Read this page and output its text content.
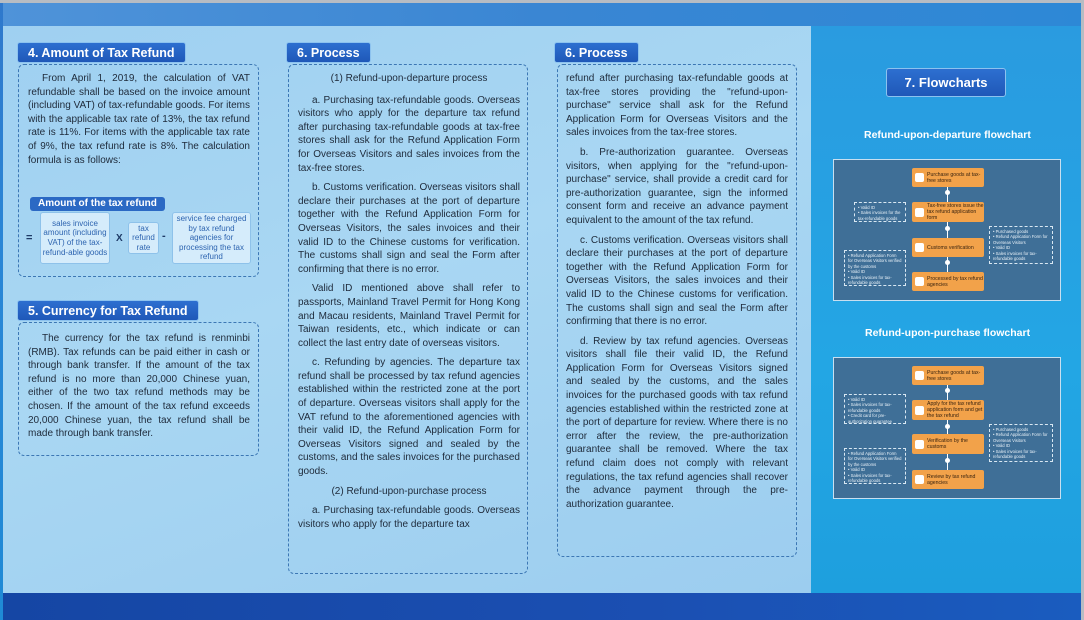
4. Amount of Tax Refund

From April 1, 2019, the calculation of VAT refundable shall be based on the invoice amount (including VAT) of tax-refundable goods. For items with the applicable tax rate of 13%, the tax refund rate is 11%. For items with the applicable tax rate of 9%, the tax refund rate is 8%. The calculation formula is as follows:

Amount of the tax refund
=
sales invoice amount (including VAT) of the tax-refund-able goods
X
tax refund rate
-
service fee charged by tax refund agencies for processing the tax refund
5. Currency for Tax Refund

The currency for the tax refund is renminbi (RMB). Tax refunds can be paid either in cash or through bank transfer. If the amount of the tax refund is no more than 20,000 Chinese yuan, either of the two tax refund methods may be chosen. If the amount of the tax refund exceeds 20,000 Chinese yuan, the tax refund shall be made through bank transfer.

6. Process

(1) Refund-upon-departure process

a. Purchasing tax-refundable goods. Overseas visitors who apply for the departure tax refund after purchasing tax-refundable goods at tax-free stores shall ask for the Refund Application Form for Overseas Visitors and sales invoices from the tax-free stores.

b. Customs verification. Overseas visitors shall declare their purchases at the port of departure together with the Refund Application Form for Overseas Visitors, the sales invoices and their valid ID to the Chinese customs for verification. The customs shall sign and seal the Form after confirming that there is no error.

Valid ID mentioned above shall refer to passports, Mainland Travel Permit for Hong Kong and Macau residents, Mainland Travel Permit for Taiwan residents, etc., which indicate or can collect the last entry date of overseas visitors.

c. Refunding by agencies. The departure tax refund shall be processed by tax refund agencies established within the restricted zone at the port of departure. Overseas visitors shall apply for the VAT refund to the aforementioned agencies with their valid ID, the Refund Application Form for Overseas Visitors signed and sealed by the customs, and the sales invoices for the purchased goods.

(2) Refund-upon-purchase process

a. Purchasing tax-refundable goods. Overseas visitors who apply for the departure tax

6. Process

refund after purchasing tax-refundable goods at tax-free stores providing the "refund-upon-purchase" service shall ask for the Refund Application Form for Overseas Visitors and the sales invoices from the tax-free stores.

b. Pre-authorization guarantee. Overseas visitors, when applying for the "refund-upon-purchase" service, shall provide a credit card for pre-authorization guarantee, sign the informed consent form and receive an advance payment equivalent to the amount of the tax refund.

c. Customs verification. Overseas visitors shall declare their purchases at the port of departure together with the Refund Application Form for Overseas Visitors, the sales invoices and their valid ID to the Chinese customs for verification. The customs shall sign and seal the Form after confirming that there is no error.

d. Review by tax refund agencies. Overseas visitors shall file their valid ID, the Refund Application Form for Overseas Visitors signed and sealed by the customs, and the sales invoices for the purchased goods with tax refund agencies established within the restricted zone at the port of departure for review. Where there is no error after the review, the pre-authorization guarantee shall be removed. Where the tax refund claim does not comply with relevant regulations, the tax refund agencies shall recover the advance payment through the pre-authorization guarantee.

7. Flowcharts
Refund-upon-departure flowchart
Purchase goods at tax-free stores
Tax-free stores issue the tax refund application form
Customs verification
Processed by tax refund agencies
• Valid ID
• Sales invoices for the tax-refundable goods
• Purchased goods
• Refund Application Form for Overseas Visitors
• Valid ID
• Sales invoices for tax-refundable goods
• Refund Application Form for Overseas Visitors verified by the customs
• Valid ID
• Sales invoices for tax-refundable goods
Refund-upon-purchase flowchart
Purchase goods at tax-free stores
Apply for the tax refund application form and get the tax refund
Verification by the customs
Review by tax refund agencies
• Valid ID
• Sales invoices for tax-refundable goods
• Credit card for pre-authorization guarantee
• Purchased goods
• Refund Application Form for Overseas Visitors
• Valid ID
• Sales invoices for tax-refundable goods
• Refund Application Form for Overseas Visitors verified by the customs
• Valid ID
• Sales invoices for tax-refundable goods
